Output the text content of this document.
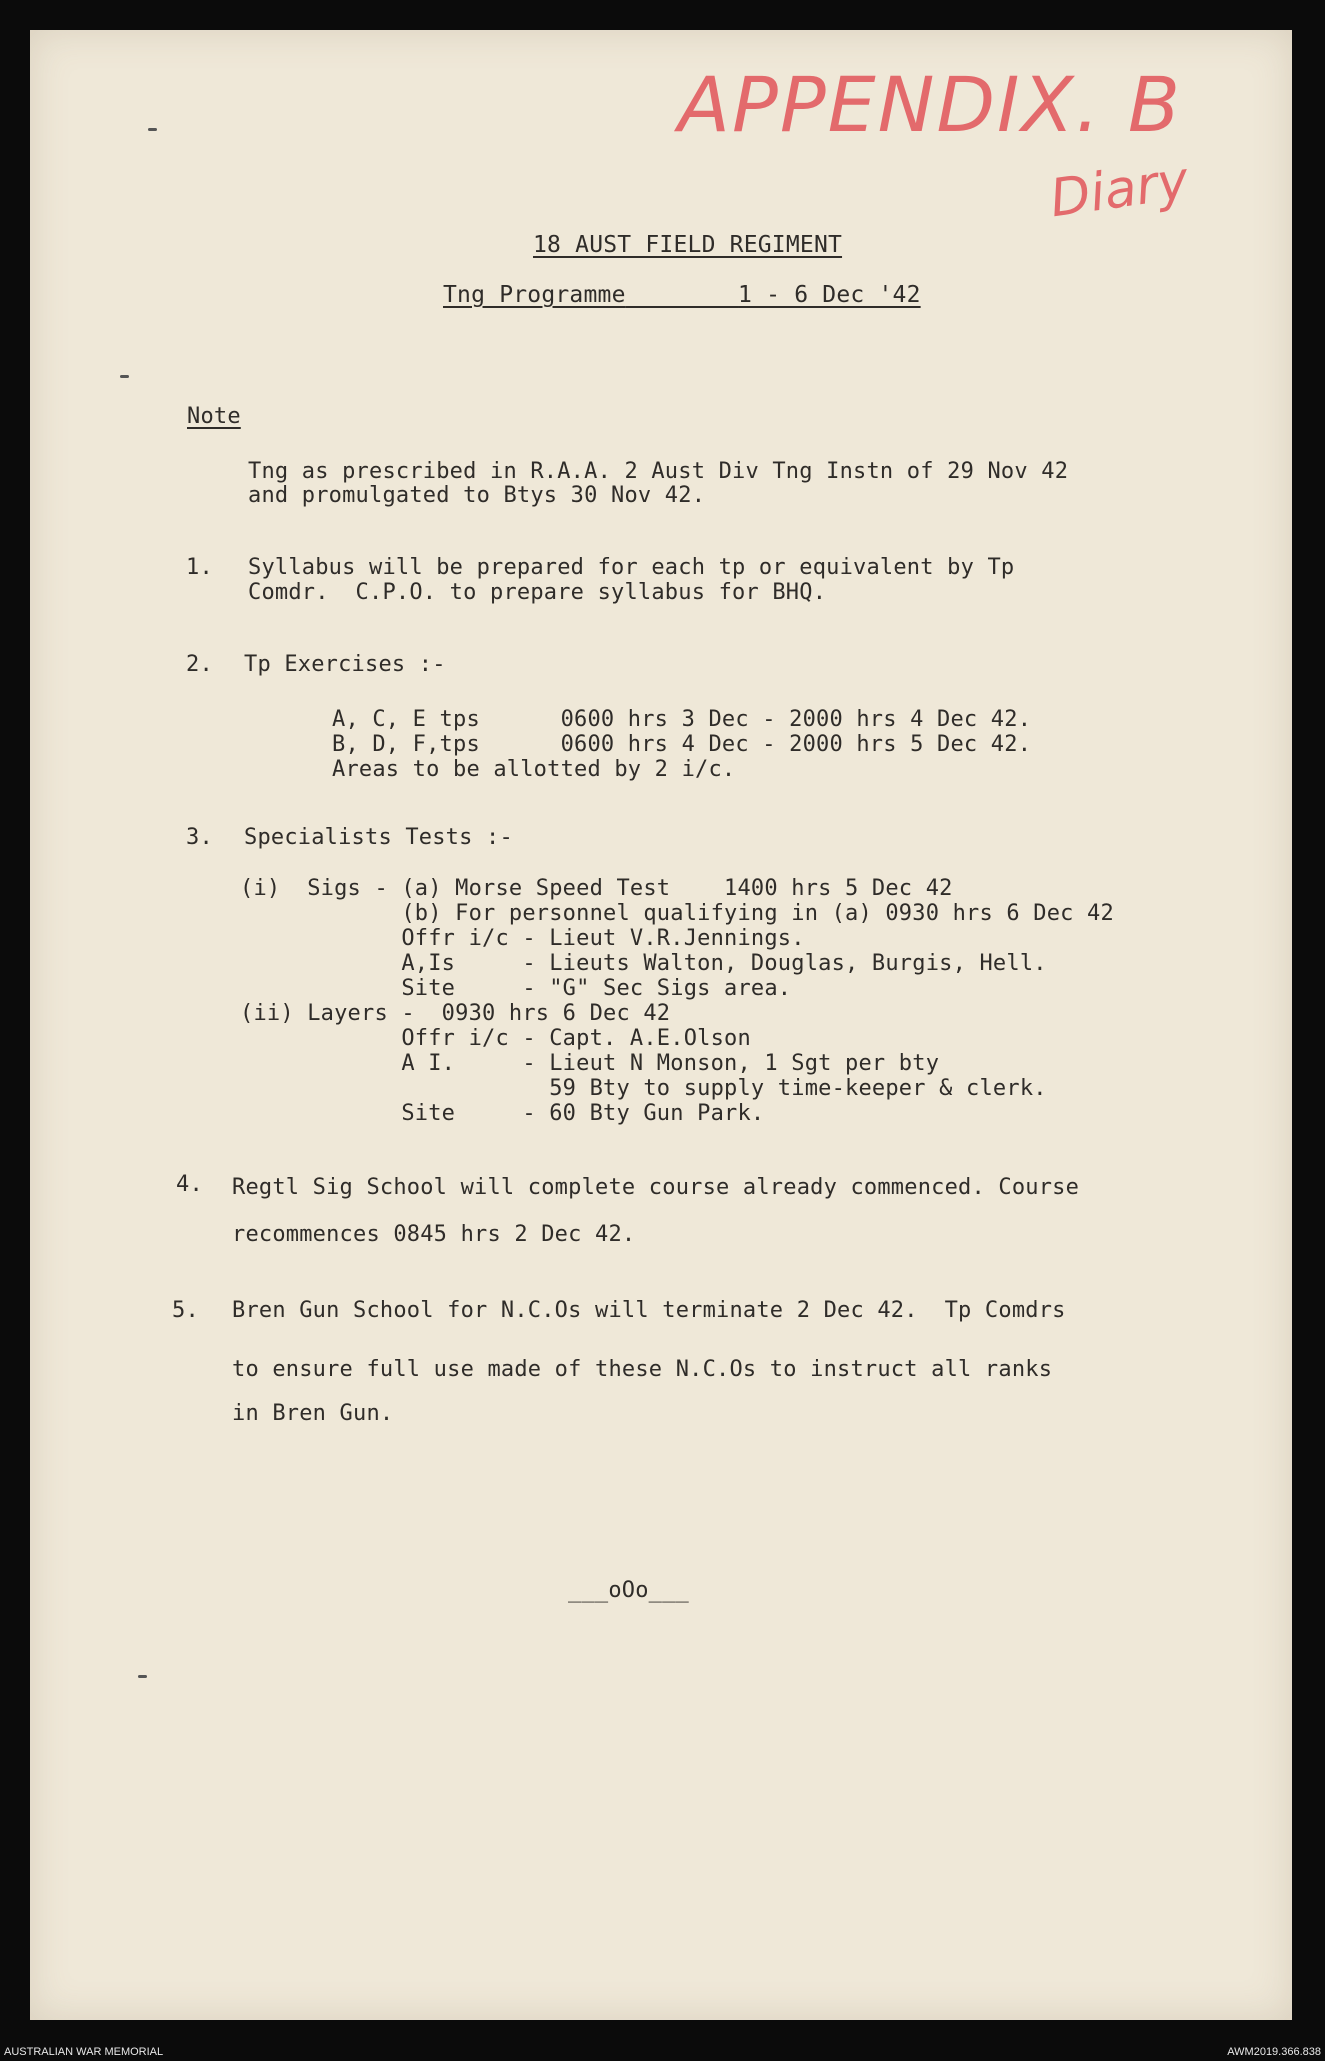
APPENDIX. B
Diary
18 AUST FIELD REGIMENT
Tng Programme	1 - 6 Dec '42
Note
Tng as prescribed in R.A.A. 2 Aust Div Tng Instn of 29 Nov 42
and promulgated to Btys 30 Nov 42.
1. Syllabus will be prepared for each tp or equivalent by Tp
Comdr.  C.P.O. to prepare syllabus for BHQ.
2. Tp Exercises :-
A, C, E tps      0600 hrs 3 Dec - 2000 hrs 4 Dec 42.
B, D, F,tps      0600 hrs 4 Dec - 2000 hrs 5 Dec 42.
Areas to be allotted by 2 i/c.
3. Specialists Tests :-
(i)  Sigs - (a) Morse Speed Test    1400 hrs 5 Dec 42
(b) For personnel qualifying in (a) 0930 hrs 6 Dec 42
Offr i/c - Lieut V.R.Jennings.
A,Is     - Lieuts Walton, Douglas, Burgis, Hell.
Site     - "G" Sec Sigs area.
(ii) Layers -  0930 hrs 6 Dec 42
Offr i/c - Capt. A.E.Olson
A I.     - Lieut N Monson, 1 Sgt per bty
59 Bty to supply time-keeper & clerk.
Site     - 60 Bty Gun Park.
4. Regtl Sig School will complete course already commenced. Course
recommences 0845 hrs 2 Dec 42.
5. Bren Gun School for N.C.Os will terminate 2 Dec 42.  Tp Comdrs
to ensure full use made of these N.C.Os to instruct all ranks
in Bren Gun.
___oOo___
AUSTRALIAN WAR MEMORIAL	AWM2019.366.838
